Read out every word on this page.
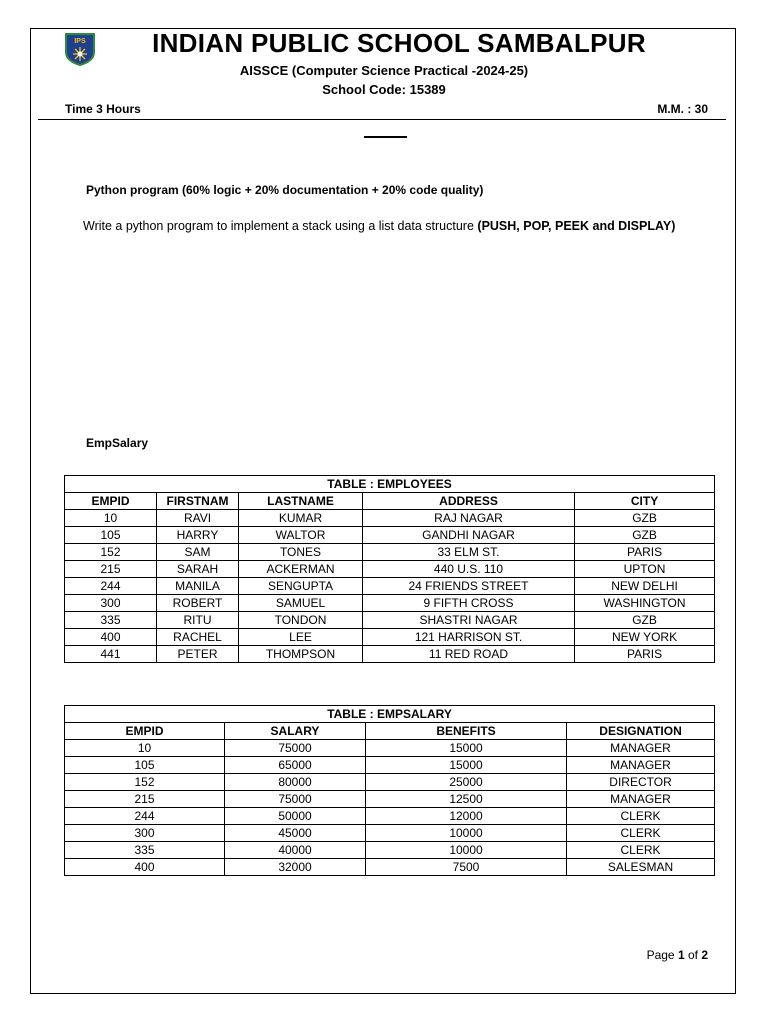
IPS	INDIAN PUBLIC SCHOOL SAMBALPUR
AISSCE (Computer Science Practical -2024-25)
School Code: 15389
Time 3 Hours	M.M. : 30
Python program (60% logic + 20% documentation + 20% code quality)
Write a python program to implement a stack using a list data structure (PUSH, POP, PEEK and DISPLAY)
EmpSalary
TABLE : EMPLOYEES				
EMPID	FIRSTNAM	LASTNAME	ADDRESS	CITY
10	RAVI	KUMAR	RAJ NAGAR	GZB
105	HARRY	WALTOR	GANDHI NAGAR	GZB
152	SAM	TONES	33 ELM ST.	PARIS
215	SARAH	ACKERMAN	440 U.S. 110	UPTON
244	MANILA	SENGUPTA	24 FRIENDS STREET	NEW DELHI
300	ROBERT	SAMUEL	9 FIFTH CROSS	WASHINGTON
335	RITU	TONDON	SHASTRI NAGAR	GZB
400	RACHEL	LEE	121 HARRISON ST.	NEW YORK
441	PETER	THOMPSON	11 RED ROAD	PARIS
TABLE : EMPSALARY			
EMPID	SALARY	BENEFITS	DESIGNATION
10	75000	15000	MANAGER
105	65000	15000	MANAGER
152	80000	25000	DIRECTOR
215	75000	12500	MANAGER
244	50000	12000	CLERK
300	45000	10000	CLERK
335	40000	10000	CLERK
400	32000	7500	SALESMAN
Page 1 of 2
